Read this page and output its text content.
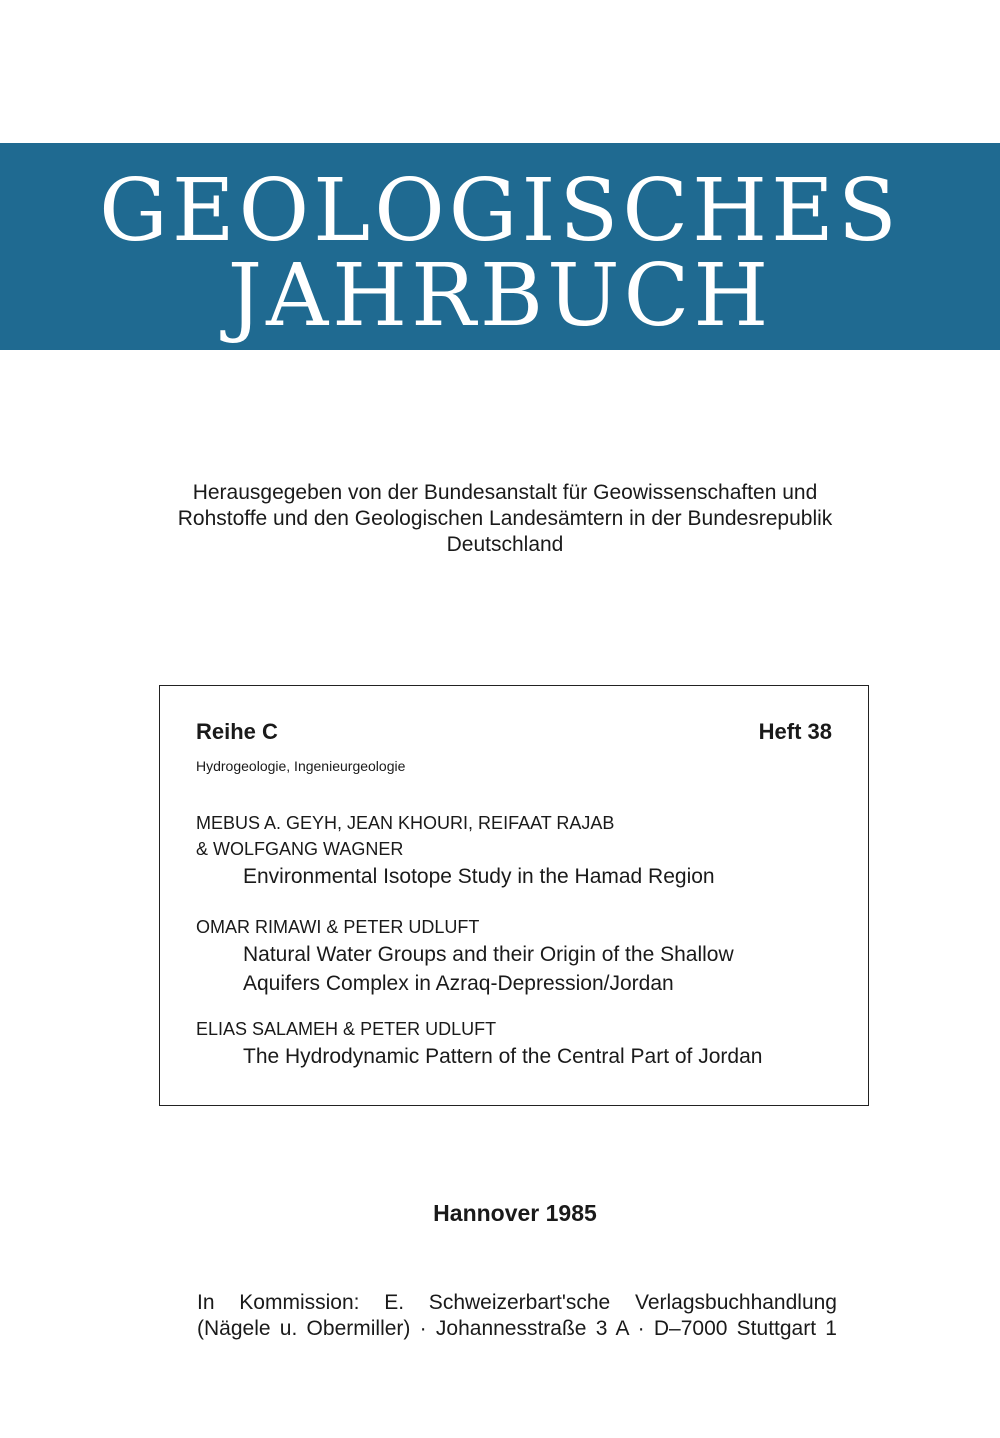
GEOLOGISCHES
JAHRBUCH
Herausgegeben von der Bundesanstalt für Geowissenschaften und
Rohstoffe und den Geologischen Landesämtern in der Bundesrepublik
Deutschland
Reihe C	Heft 38
Hydrogeologie, Ingenieurgeologie
MEBUS A. GEYH, JEAN KHOURI, REIFAAT RAJAB
& WOLFGANG WAGNER
Environmental Isotope Study in the Hamad Region
OMAR RIMAWI & PETER UDLUFT
Natural Water Groups and their Origin of the Shallow
Aquifers Complex in Azraq-Depression/Jordan
ELIAS SALAMEH & PETER UDLUFT
The Hydrodynamic Pattern of the Central Part of Jordan
Hannover 1985
In Kommission: E. Schweizerbart'sche Verlagsbuchhandlung
(Nägele u. Obermiller) · Johannesstraße 3 A · D–7000 Stuttgart 1
